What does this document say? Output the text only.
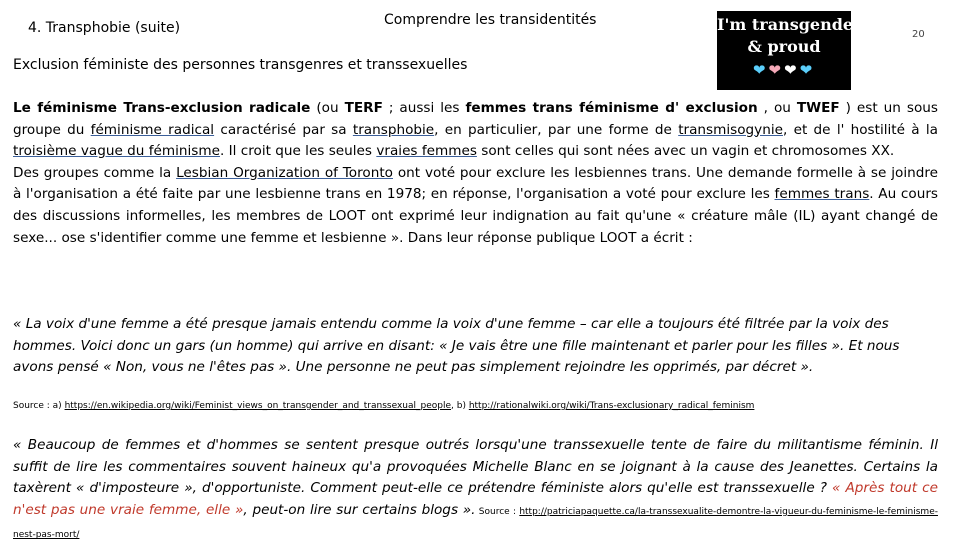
4. Transphobie (suite)	Comprendre les transidentités
20
I'm transgender
& proud
❤❤❤❤
Exclusion féministe des personnes transgenres et transsexuelles
Le féminisme Trans-exclusion radicale (ou TERF ; aussi les femmes trans féminisme d' exclusion , ou TWEF ) est un sous groupe du féminisme radical caractérisé par sa transphobie, en particulier, par une forme de transmisogynie, et de l' hostilité à la troisième vague du féminisme. Il croit que les seules vraies femmes sont celles qui sont nées avec un vagin et chromosomes XX.
Des groupes comme la Lesbian Organization of Toronto ont voté pour exclure les lesbiennes trans. Une demande formelle à se joindre à l'organisation a été faite par une lesbienne trans en 1978; en réponse, l'organisation a voté pour exclure les femmes trans. Au cours des discussions informelles, les membres de LOOT ont exprimé leur indignation au fait qu'une « créature mâle (IL) ayant changé de sexe... ose s'identifier comme une femme et lesbienne ». Dans leur réponse publique LOOT a écrit :
« La voix d'une femme a été presque jamais entendu comme la voix d'une femme – car elle a toujours été filtrée par la voix des hommes. Voici donc un gars (un homme) qui arrive en disant: « Je vais être une fille maintenant et parler pour les filles ». Et nous avons pensé « Non, vous ne l'êtes pas ». Une personne ne peut pas simplement rejoindre les opprimés, par décret ».
Source : a) https://en.wikipedia.org/wiki/Feminist_views_on_transgender_and_transsexual_people, b) http://rationalwiki.org/wiki/Trans-exclusionary_radical_feminism
« Beaucoup de femmes et d'hommes se sentent presque outrés lorsqu'une transsexuelle tente de faire du militantisme féminin. Il suffit de lire les commentaires souvent haineux qu'a provoquées Michelle Blanc en se joignant à la cause des Jeanettes. Certains la taxèrent « d'imposteure », d'opportuniste. Comment peut-elle ce prétendre féministe alors qu'elle est transsexuelle ? « Après tout ce n'est pas une vraie femme, elle », peut-on lire sur certains blogs ». Source : http://patriciapaquette.ca/la-transsexualite-demontre-la-vigueur-du-feminisme-le-feminisme-nest-pas-mort/
